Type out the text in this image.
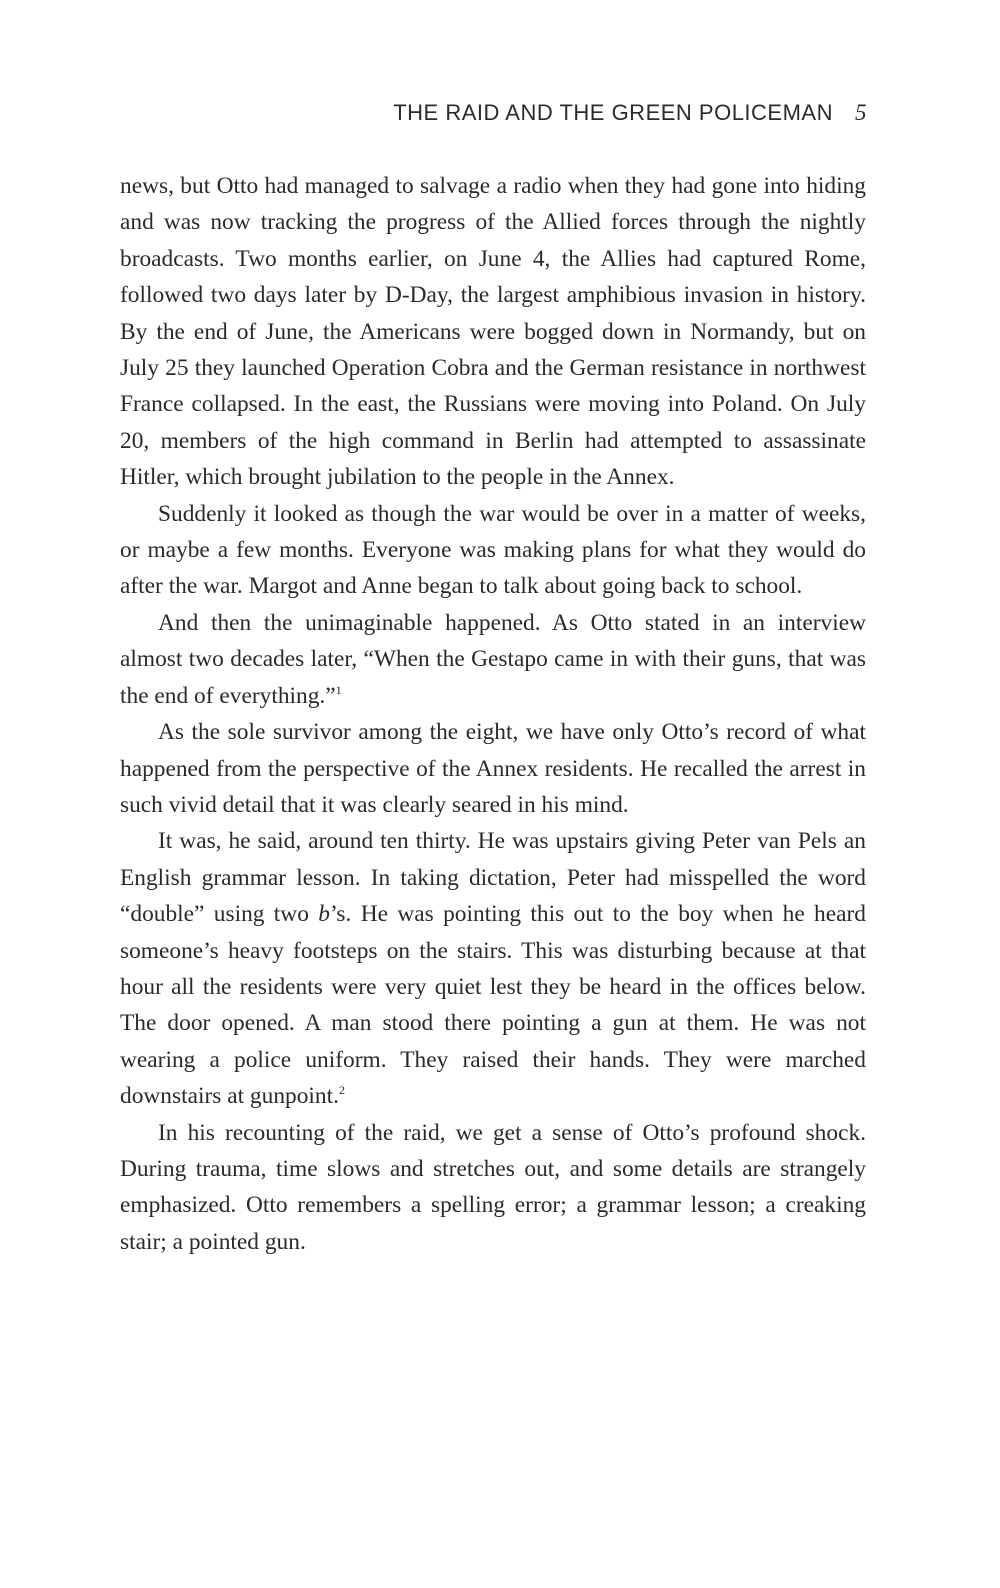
THE RAID AND THE GREEN POLICEMAN 5

news, but Otto had managed to salvage a radio when they had gone into hiding and was now tracking the progress of the Allied forces through the nightly broadcasts. Two months earlier, on June 4, the Allies had captured Rome, followed two days later by D-Day, the largest amphibious invasion in history. By the end of June, the Americans were bogged down in Normandy, but on July 25 they launched Operation Cobra and the German resistance in northwest France collapsed. In the east, the Russians were moving into Poland. On July 20, members of the high command in Berlin had attempted to assassinate Hitler, which brought jubilation to the people in the Annex.

Suddenly it looked as though the war would be over in a matter of weeks, or maybe a few months. Everyone was making plans for what they would do after the war. Margot and Anne began to talk about going back to school.

And then the unimaginable happened. As Otto stated in an interview almost two decades later, “When the Gestapo came in with their guns, that was the end of everything.”$^1$

As the sole survivor among the eight, we have only Otto’s record of what happened from the perspective of the Annex residents. He recalled the arrest in such vivid detail that it was clearly seared in his mind.

It was, he said, around ten thirty. He was upstairs giving Peter van Pels an English grammar lesson. In taking dictation, Peter had misspelled the word “double” using two b’s. He was pointing this out to the boy when he heard someone’s heavy footsteps on the stairs. This was disturbing because at that hour all the residents were very quiet lest they be heard in the offices below. The door opened. A man stood there pointing a gun at them. He was not wearing a police uniform. They raised their hands. They were marched downstairs at gunpoint.$^2$

In his recounting of the raid, we get a sense of Otto’s profound shock. During trauma, time slows and stretches out, and some details are strangely emphasized. Otto remembers a spelling error; a grammar lesson; a creaking stair; a pointed gun.
